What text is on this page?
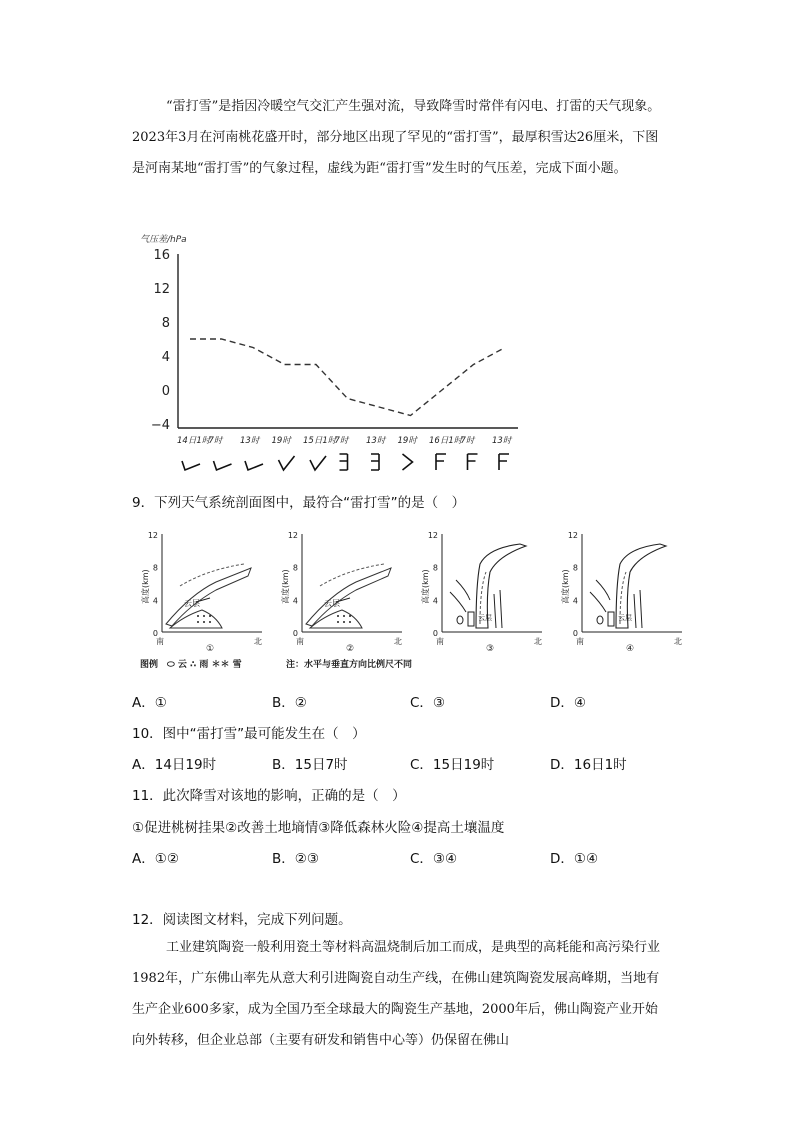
“雷打雪”是指因冷暖空气交汇产生强对流，导致降雪时常伴有闪电、打雷的天气现象。2023年3月在河南桃花盛开时，部分地区出现了罕见的“雷打雪”，最厚积雪达26厘米，下图是河南某地“雷打雪”的气象过程，虚线为距“雷打雪”发生时的气压差，完成下面小题。

气压差/hPa
16
12
8
4
0
−4
14日1时
7时 13时 19时 15日1时
7时 13时 19时 16日1时
7时 13时
9．下列天气系统剖面图中，最符合“雷打雪”的是（　）
12
8
4
0
高度(km)
南	北
①
云层
12
8
4
0
高度(km)
南	北
②
云层
12
8
4
0
高度(km)
南	北
③
云层
12
8
4
0
高度(km)
南	北
④
云层
图例　⬭ 云 ∴ 雨 ＊＊ 雪	注：水平与垂直方向比例尺不同
A．①	B．②	C．③	D．④
10．图中“雷打雪”最可能发生在（　）
A．14日19时	B．15日7时	C．15日19时	D．16日1时
11．此次降雪对该地的影响，正确的是（　）
①促进桃树挂果②改善土地墒情③降低森林火险④提高土壤温度
A．①②	B．②③	C．③④	D．①④
12．阅读图文材料，完成下列问题。

工业建筑陶瓷一般利用瓷土等材料高温烧制后加工而成，是典型的高耗能和高污染行业1982年，广东佛山率先从意大利引进陶瓷自动生产线，在佛山建筑陶瓷发展高峰期，当地有生产企业600多家，成为全国乃至全球最大的陶瓷生产基地，2000年后，佛山陶瓷产业开始向外转移，但企业总部（主要有研发和销售中心等）仍保留在佛山
